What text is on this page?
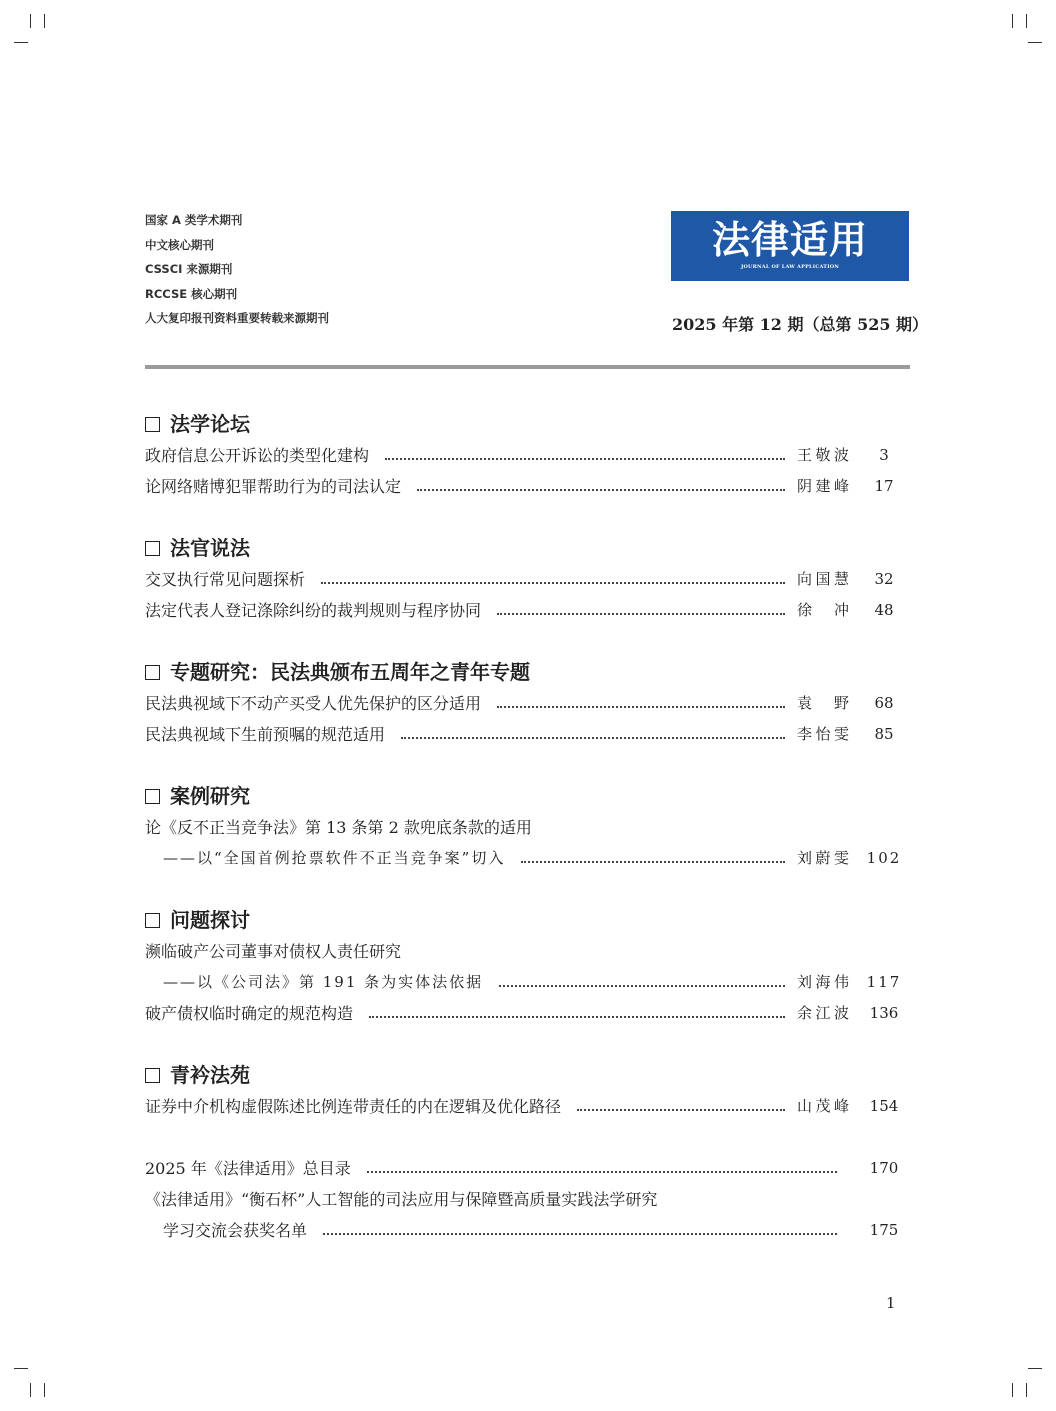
国家 A 类学术期刊
中文核心期刊
CSSCI 来源期刊
RCCSE 核心期刊
人大复印报刊资料重要转载来源期刊
法律适用
JOURNAL OF LAW APPLICATION
2025 年第 12 期（总第 525 期）
法学论坛
政府信息公开诉讼的类型化建构	王敬波	3
论网络赌博犯罪帮助行为的司法认定	阴建峰	17
法官说法
交叉执行常见问题探析	向国慧	32
法定代表人登记涤除纠纷的裁判规则与程序协同	徐冲	48
专题研究：民法典颁布五周年之青年专题
民法典视域下不动产买受人优先保护的区分适用	袁野	68
民法典视域下生前预嘱的规范适用	李怡雯	85
案例研究
论《反不正当竞争法》第 13 条第 2 款兜底条款的适用
——以“全国首例抢票软件不正当竞争案”切入	刘蔚雯	102
问题探讨
濒临破产公司董事对债权人责任研究
——以《公司法》第 191 条为实体法依据	刘海伟	117
破产债权临时确定的规范构造	余江波	136
青衿法苑
证券中介机构虚假陈述比例连带责任的内在逻辑及优化路径	山茂峰	154
2025 年《法律适用》总目录	170
《法律适用》“衡石杯”人工智能的司法应用与保障暨高质量实践法学研究
学习交流会获奖名单	175
1
